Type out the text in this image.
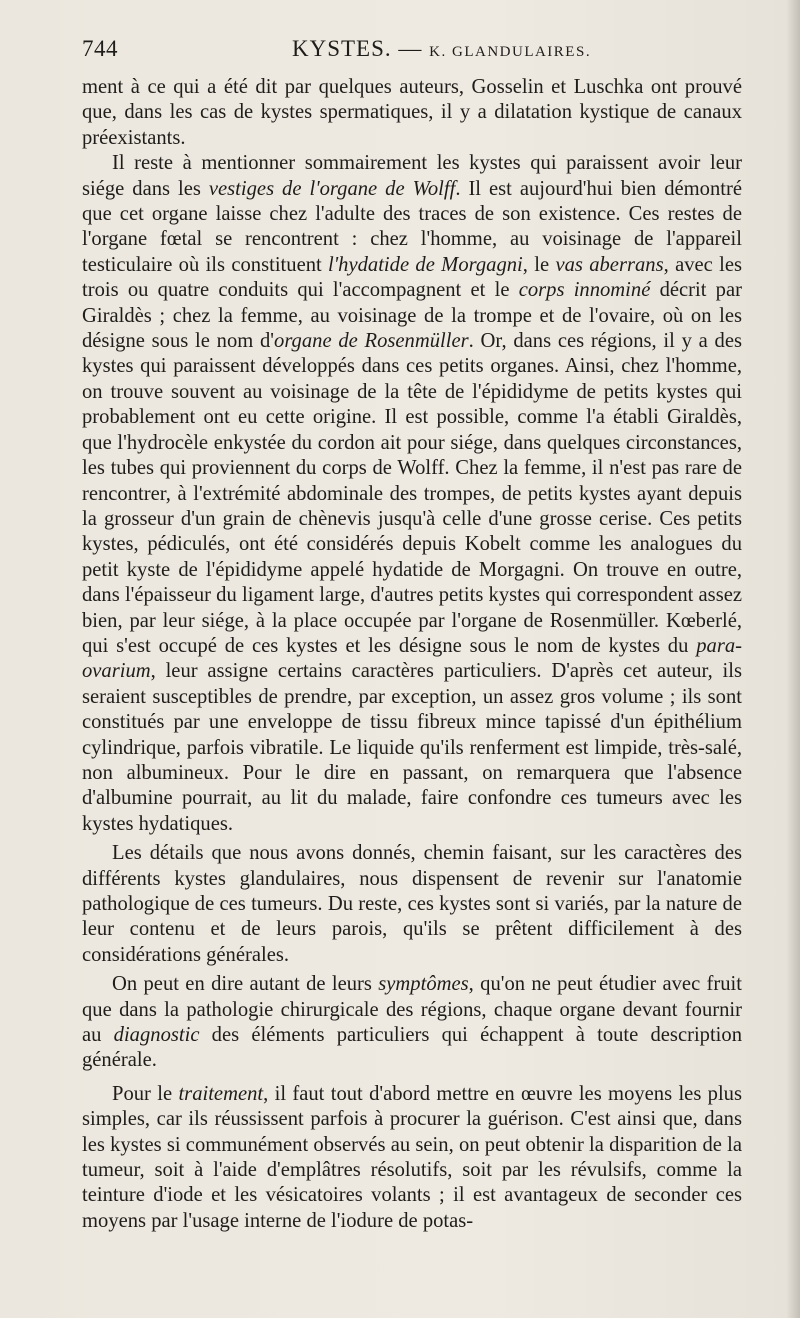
744	KYSTES. — K. GLANDULAIRES.

ment à ce qui a été dit par quelques auteurs, Gosselin et Luschka ont prouvé que, dans les cas de kystes spermatiques, il y a dilatation kystique de canaux préexistants.

Il reste à mentionner sommairement les kystes qui paraissent avoir leur siége dans les vestiges de l'organe de Wolff. Il est aujourd'hui bien démontré que cet organe laisse chez l'adulte des traces de son existence. Ces restes de l'organe fœtal se rencontrent : chez l'homme, au voisinage de l'appareil testiculaire où ils constituent l'hydatide de Morgagni, le vas aberrans, avec les trois ou quatre conduits qui l'accompagnent et le corps innominé décrit par Giraldès ; chez la femme, au voisinage de la trompe et de l'ovaire, où on les désigne sous le nom d'organe de Rosenmüller. Or, dans ces régions, il y a des kystes qui paraissent développés dans ces petits organes. Ainsi, chez l'homme, on trouve souvent au voisinage de la tête de l'épididyme de petits kystes qui probablement ont eu cette origine. Il est possible, comme l'a établi Giraldès, que l'hydrocèle enkystée du cordon ait pour siége, dans quelques circonstances, les tubes qui proviennent du corps de Wolff. Chez la femme, il n'est pas rare de rencontrer, à l'extrémité abdominale des trompes, de petits kystes ayant depuis la grosseur d'un grain de chènevis jusqu'à celle d'une grosse cerise. Ces petits kystes, pédiculés, ont été considérés depuis Kobelt comme les analogues du petit kyste de l'épididyme appelé hydatide de Morgagni. On trouve en outre, dans l'épaisseur du ligament large, d'autres petits kystes qui correspondent assez bien, par leur siége, à la place occupée par l'organe de Rosenmüller. Kœberlé, qui s'est occupé de ces kystes et les désigne sous le nom de kystes du para-ovarium, leur assigne certains caractères particuliers. D'après cet auteur, ils seraient susceptibles de prendre, par exception, un assez gros volume ; ils sont constitués par une enveloppe de tissu fibreux mince tapissé d'un épithélium cylindrique, parfois vibratile. Le liquide qu'ils renferment est limpide, très-salé, non albumineux. Pour le dire en passant, on remarquera que l'absence d'albumine pourrait, au lit du malade, faire confondre ces tumeurs avec les kystes hydatiques.

Les détails que nous avons donnés, chemin faisant, sur les caractères des différents kystes glandulaires, nous dispensent de revenir sur l'anatomie pathologique de ces tumeurs. Du reste, ces kystes sont si variés, par la nature de leur contenu et de leurs parois, qu'ils se prêtent difficilement à des considérations générales.

On peut en dire autant de leurs symptômes, qu'on ne peut étudier avec fruit que dans la pathologie chirurgicale des régions, chaque organe devant fournir au diagnostic des éléments particuliers qui échappent à toute description générale.

Pour le traitement, il faut tout d'abord mettre en œuvre les moyens les plus simples, car ils réussissent parfois à procurer la guérison. C'est ainsi que, dans les kystes si communément observés au sein, on peut obtenir la disparition de la tumeur, soit à l'aide d'emplâtres résolutifs, soit par les révulsifs, comme la teinture d'iode et les vésicatoires volants ; il est avantageux de seconder ces moyens par l'usage interne de l'iodure de potas-
